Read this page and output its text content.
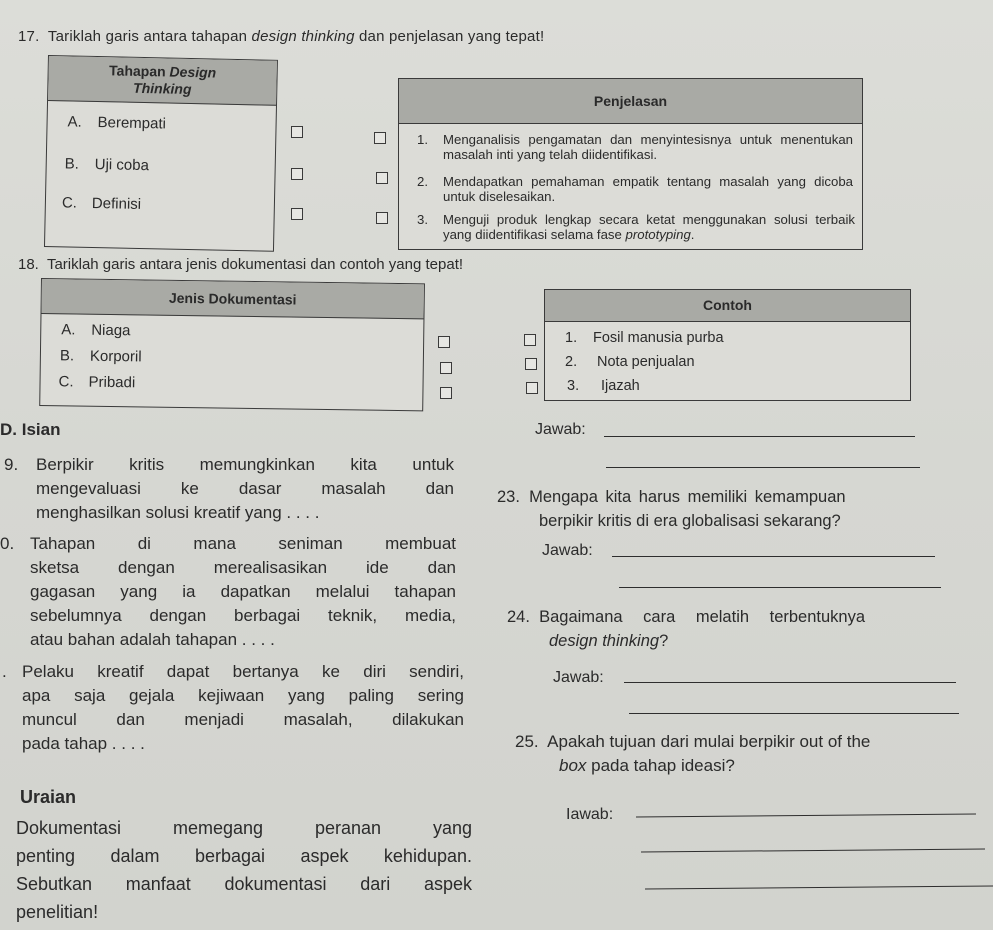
17. Tariklah garis antara tahapan design thinking dan penjelasan yang tepat!
Tahapan Design
Thinking
A. Berempati
B. Uji coba
C. Definisi
Penjelasan
1. Menganalisis pengamatan dan menyintesisnya untuk menentukan masalah inti yang telah diidentifikasi.
2. Mendapatkan pemahaman empatik tentang masalah yang dicoba untuk diselesaikan.
3. Menguji produk lengkap secara ketat menggunakan solusi terbaik yang diidentifikasi selama fase prototyping.
18. Tariklah garis antara jenis dokumentasi dan contoh yang tepat!
Jenis Dokumentasi
A. Niaga
B. Korporil
C. Pribadi
Contoh
1. Fosil manusia purba
2. Nota penjualan
3. Ijazah
D. Isian
9. Berpikir kritis memungkinkan kita untuk
mengevaluasi ke dasar masalah dan
menghasilkan solusi kreatif yang . . . .
0. Tahapan di mana seniman membuat
sketsa dengan merealisasikan ide dan
gagasan yang ia dapatkan melalui tahapan
sebelumnya dengan berbagai teknik, media,
atau bahan adalah tahapan . . . .
. Pelaku kreatif dapat bertanya ke diri sendiri,
apa saja gejala kejiwaan yang paling sering
muncul dan menjadi masalah, dilakukan
pada tahap . . . .
Uraian
Dokumentasi memegang peranan yang
penting dalam berbagai aspek kehidupan.
Sebutkan manfaat dokumentasi dari aspek
penelitian!
Jawab:
23. Mengapa kita harus memiliki kemampuan
berpikir kritis di era globalisasi sekarang?
Jawab:
24. Bagaimana cara melatih terbentuknya
design thinking?
Jawab:
25. Apakah tujuan dari mulai berpikir out of the
box pada tahap ideasi?
Iawab:
